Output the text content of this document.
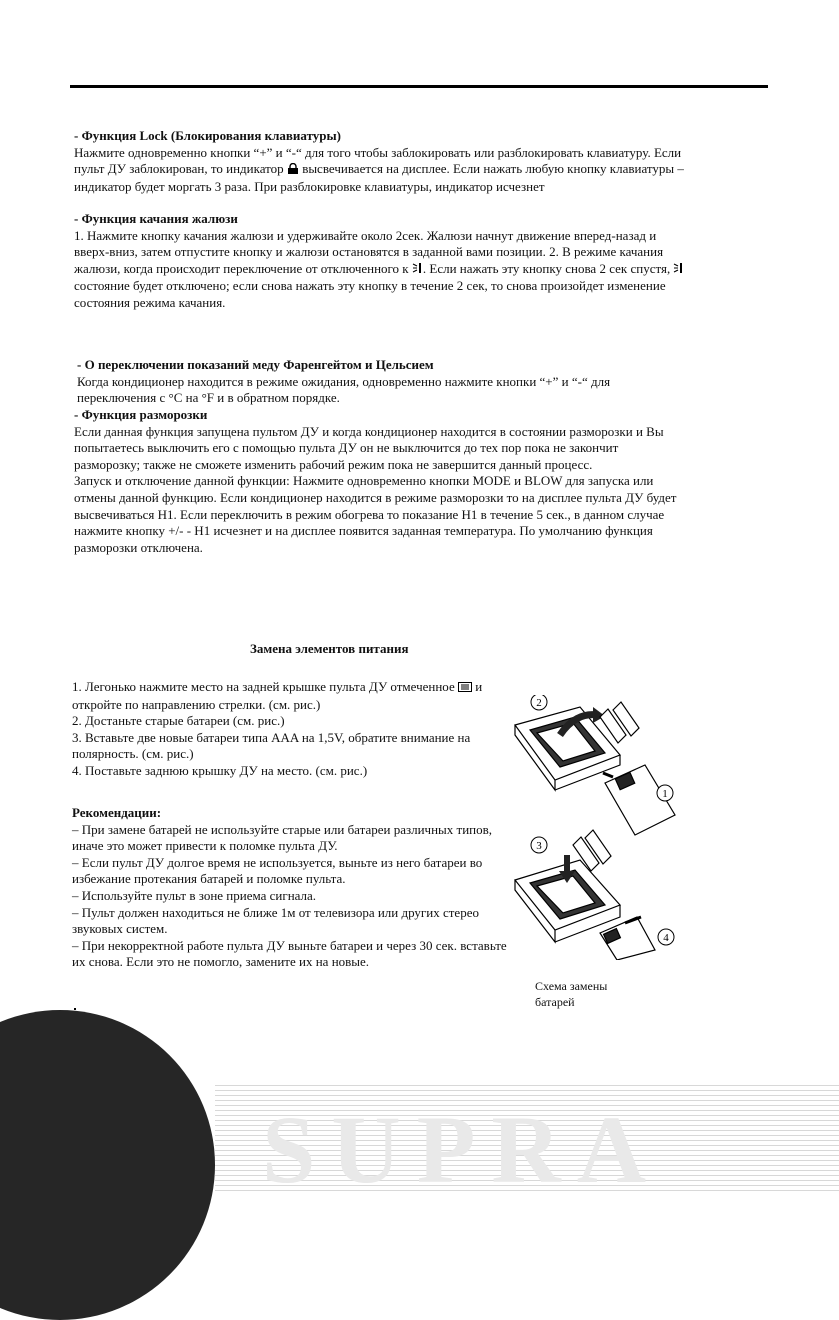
- Функция Lock (Блокирования клавиатуры)

Нажмите одновременно кнопки “+” и “-“ для того чтобы заблокировать или разблокировать клавиатуру. Если пульт ДУ заблокирован, то индикатор  высвечивается на дисплее. Если нажать любую кнопку клавиатуры – индикатор будет моргать 3 раза. При разблокировке клавиатуры, индикатор исчезнет

- Функция качания жалюзи

1. Нажмите кнопку качания жалюзи и удерживайте около 2сек. Жалюзи начнут движение вперед-назад и вверх-вниз, затем отпустите кнопку и жалюзи остановятся в заданной вами позиции. 2. В режиме качания жалюзи, когда происходит переключение от отключенного к . Если нажать эту кнопку снова 2 сек спустя,  состояние будет отключено; если снова нажать эту кнопку в течение 2 сек, то снова произойдет изменение состояния режима качания.

- О переключении показаний меду Фаренгейтом и Цельсием

Когда кондиционер находится в режиме ожидания, одновременно нажмите кнопки “+” и “-“ для переключения с °C на °F и в обратном порядке.

- Функция разморозки

Если данная функция запущена пультом ДУ и когда кондиционер находится в состоянии разморозки и Вы попытаетесь выключить его с помощью пульта ДУ он не выключится до тех пор пока не закончит разморозку; также не сможете изменить рабочий режим пока не завершится данный процесс.

Запуск и отключение данной функции: Нажмите одновременно кнопки MODE и BLOW для запуска или отмены данной функцию. Если кондиционер находится в режиме разморозки то на дисплее пульта ДУ будет высвечиваться H1. Если переключить в режим обогрева то показание H1 в течение 5 сек., в данном случае нажмите кнопку +/- - H1 исчезнет и на дисплее появится заданная температура. По умолчанию функция разморозки отключена.

Замена элементов питания

1. Легонько нажмите место на задней крышке пульта ДУ отмеченное  и откройте по направлению стрелки. (см. рис.)

2. Достаньте старые батареи (см. рис.)

3. Вставьте две новые батареи типа AAA на 1,5V, обратите внимание на полярность. (см. рис.)

4. Поставьте заднюю крышку ДУ на место. (см. рис.)

Рекомендации:

– При замене батарей не используйте старые или батареи различных типов, иначе это может привести к поломке пульта ДУ.

– Если пульт ДУ долгое время не используется, выньте из него батареи во избежание протекания батарей и поломке пульта.

– Используйте пульт в зоне приема сигнала.

– Пульт должен находиться не ближе 1м от телевизора или других стерео звуковых систем.

– При некорректной работе пульта ДУ выньте батареи и через 30 сек. вставьте их снова. Если это не помогло, замените их на новые.

2
1
3
4
Схема замены батарей
SUPRA
